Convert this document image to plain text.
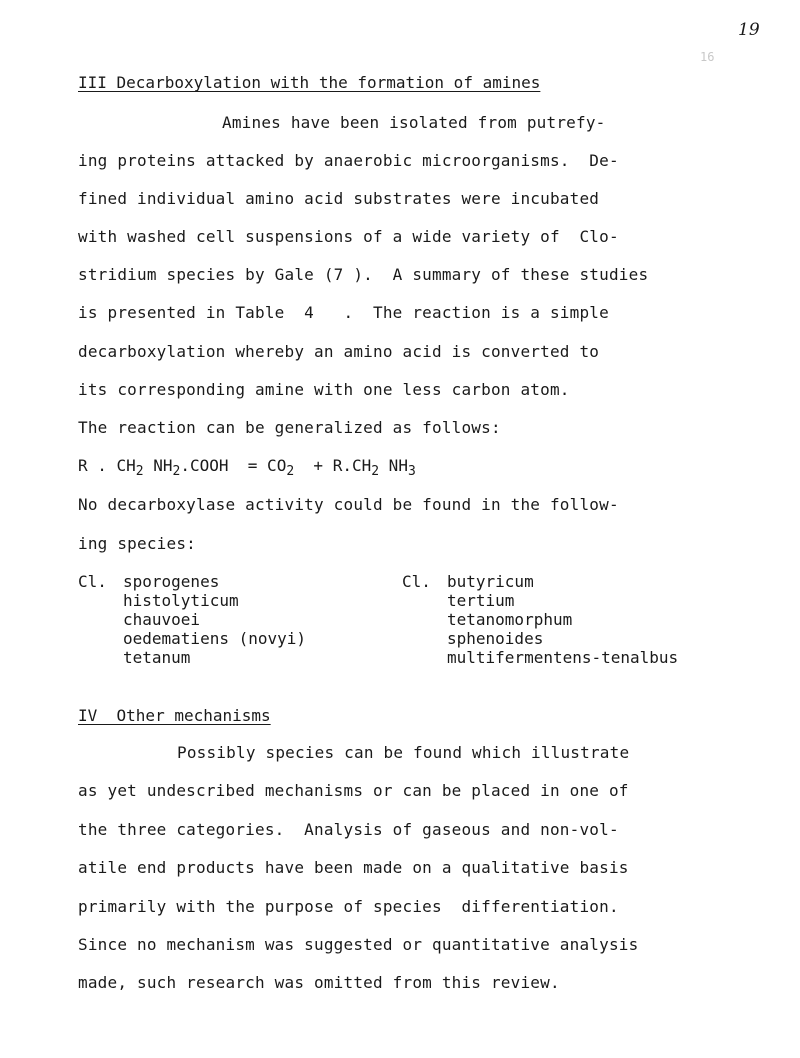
19
16
III Decarboxylation with the formation of amines
Amines have been isolated from putrefy-
ing proteins attacked by anaerobic microorganisms.  De-
fined individual amino acid substrates were incubated
with washed cell suspensions of a wide variety of  Clo-
stridium species by Gale (7 ).  A summary of these studies
is presented in Table  4   .  The reaction is a simple
decarboxylation whereby an amino acid is converted to
its corresponding amine with one less carbon atom.
The reaction can be generalized as follows:
R . $CH_2$ $NH_2.COOH = CO_2 + R.CH_2$ $NH_3$
No decarboxylase activity could be found in the follow-
ing species:
Cl. sporogenes
histolyticum
chauvoei
oedematiens (novyi)
tetanum
Cl. butyricum
tertium
tetanomorphum
sphenoides
multifermentens-tenalbus
IV  Other mechanisms
Possibly species can be found which illustrate
as yet undescribed mechanisms or can be placed in one of
the three categories.  Analysis of gaseous and non-vol-
atile end products have been made on a qualitative basis
primarily with the purpose of species  differentiation.
Since no mechanism was suggested or quantitative analysis
made, such research was omitted from this review.
